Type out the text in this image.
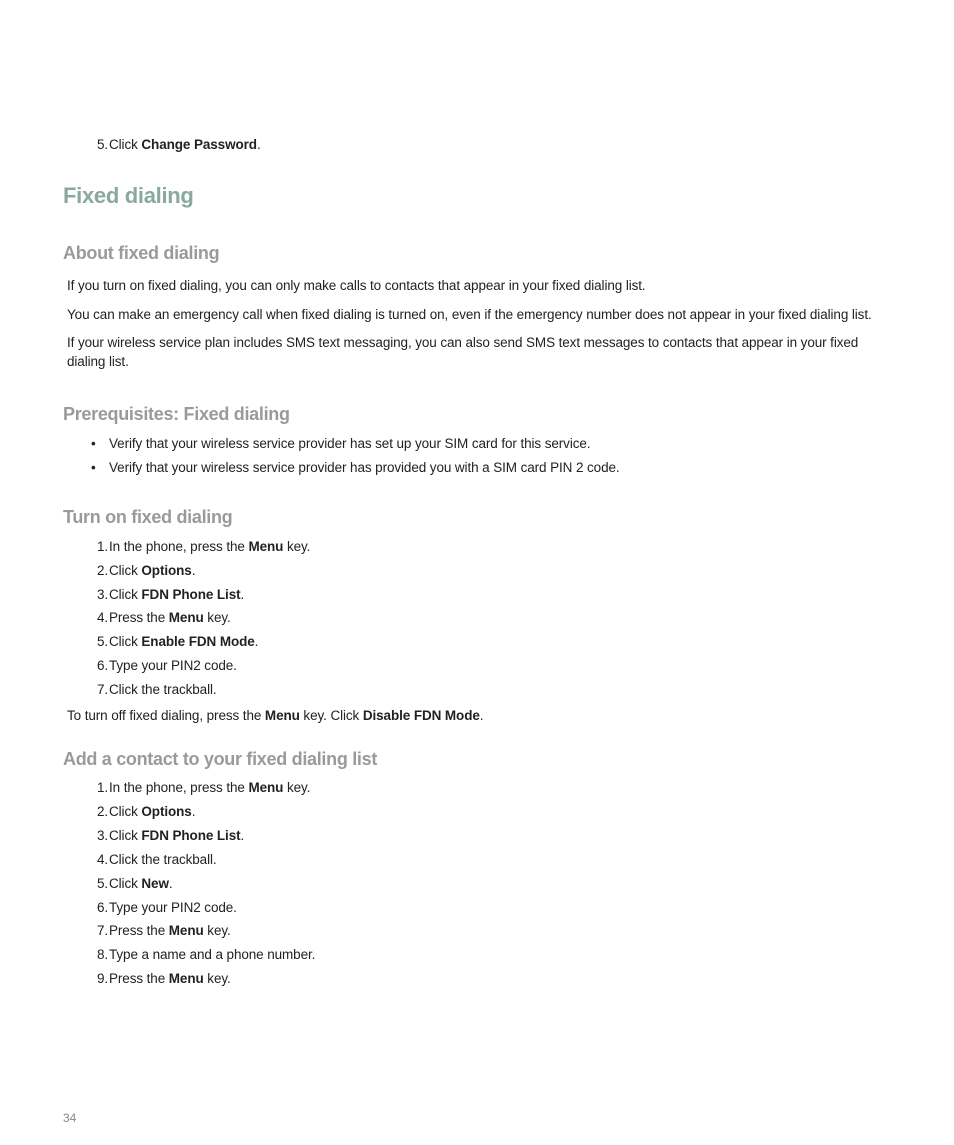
5. Click Change Password.
Fixed dialing
About fixed dialing
If you turn on fixed dialing, you can only make calls to contacts that appear in your fixed dialing list.
You can make an emergency call when fixed dialing is turned on, even if the emergency number does not appear in your fixed dialing list.
If your wireless service plan includes SMS text messaging, you can also send SMS text messages to contacts that appear in your fixed dialing list.
Prerequisites: Fixed dialing
• Verify that your wireless service provider has set up your SIM card for this service.
• Verify that your wireless service provider has provided you with a SIM card PIN 2 code.
Turn on fixed dialing
1. In the phone, press the Menu key.
2. Click Options.
3. Click FDN Phone List.
4. Press the Menu key.
5. Click Enable FDN Mode.
6. Type your PIN2 code.
7. Click the trackball.
To turn off fixed dialing, press the Menu key. Click Disable FDN Mode.
Add a contact to your fixed dialing list
1. In the phone, press the Menu key.
2. Click Options.
3. Click FDN Phone List.
4. Click the trackball.
5. Click New.
6. Type your PIN2 code.
7. Press the Menu key.
8. Type a name and a phone number.
9. Press the Menu key.
34
